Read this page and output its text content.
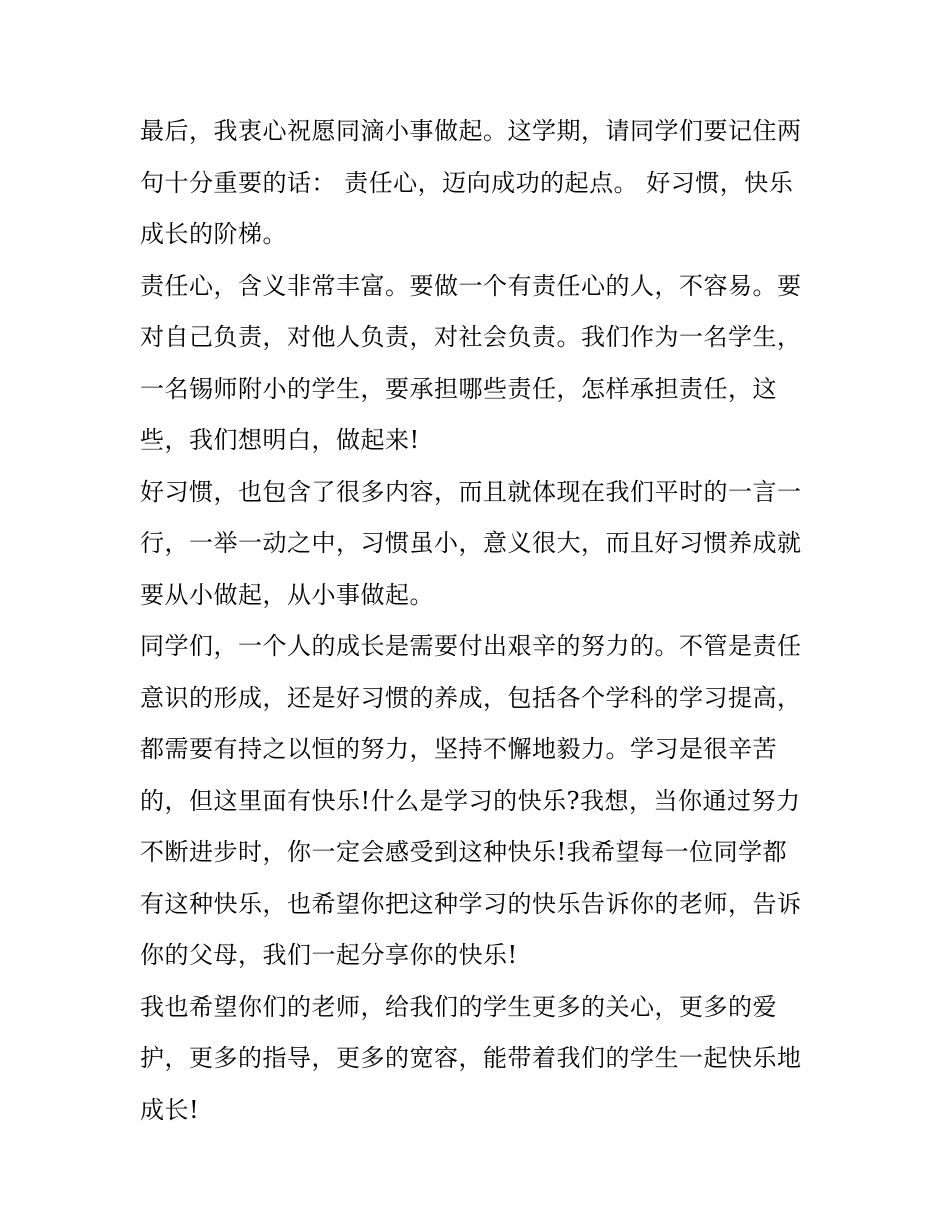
最后，我衷心祝愿同滴小事做起。这学期，请同学们要记住两
句十分重要的话： 责任心，迈向成功的起点。 好习惯，快乐
成长的阶梯。
责任心，含义非常丰富。要做一个有责任心的人，不容易。要
对自己负责，对他人负责，对社会负责。我们作为一名学生，
一名锡师附小的学生，要承担哪些责任，怎样承担责任，这
些，我们想明白，做起来!
好习惯，也包含了很多内容，而且就体现在我们平时的一言一
行，一举一动之中，习惯虽小，意义很大，而且好习惯养成就
要从小做起，从小事做起。
同学们，一个人的成长是需要付出艰辛的努力的。不管是责任
意识的形成，还是好习惯的养成，包括各个学科的学习提高，
都需要有持之以恒的努力，坚持不懈地毅力。学习是很辛苦
的，但这里面有快乐!什么是学习的快乐?我想，当你通过努力
不断进步时，你一定会感受到这种快乐!我希望每一位同学都
有这种快乐，也希望你把这种学习的快乐告诉你的老师，告诉
你的父母，我们一起分享你的快乐!
我也希望你们的老师，给我们的学生更多的关心，更多的爱
护，更多的指导，更多的宽容，能带着我们的学生一起快乐地
成长!
